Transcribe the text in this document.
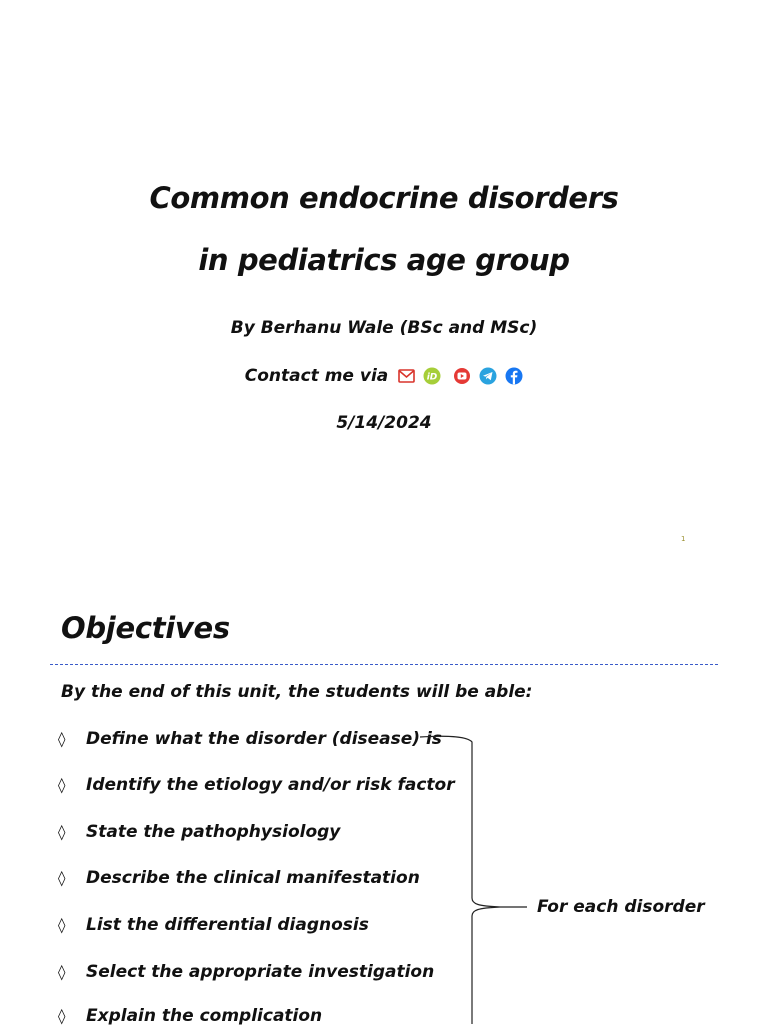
Common endocrine disorders
in pediatrics age group
By Berhanu Wale (BSc and MSc)
Contact me via	iD
5/14/2024
1
Objectives
By the end of this unit, the students will be able:
◊	Define what the disorder (disease) is
◊	Identify the etiology and/or risk factor
◊	State the pathophysiology
◊	Describe the clinical manifestation
◊	List the differential diagnosis
◊	Select the appropriate investigation
◊	Explain the complication
For each disorder
